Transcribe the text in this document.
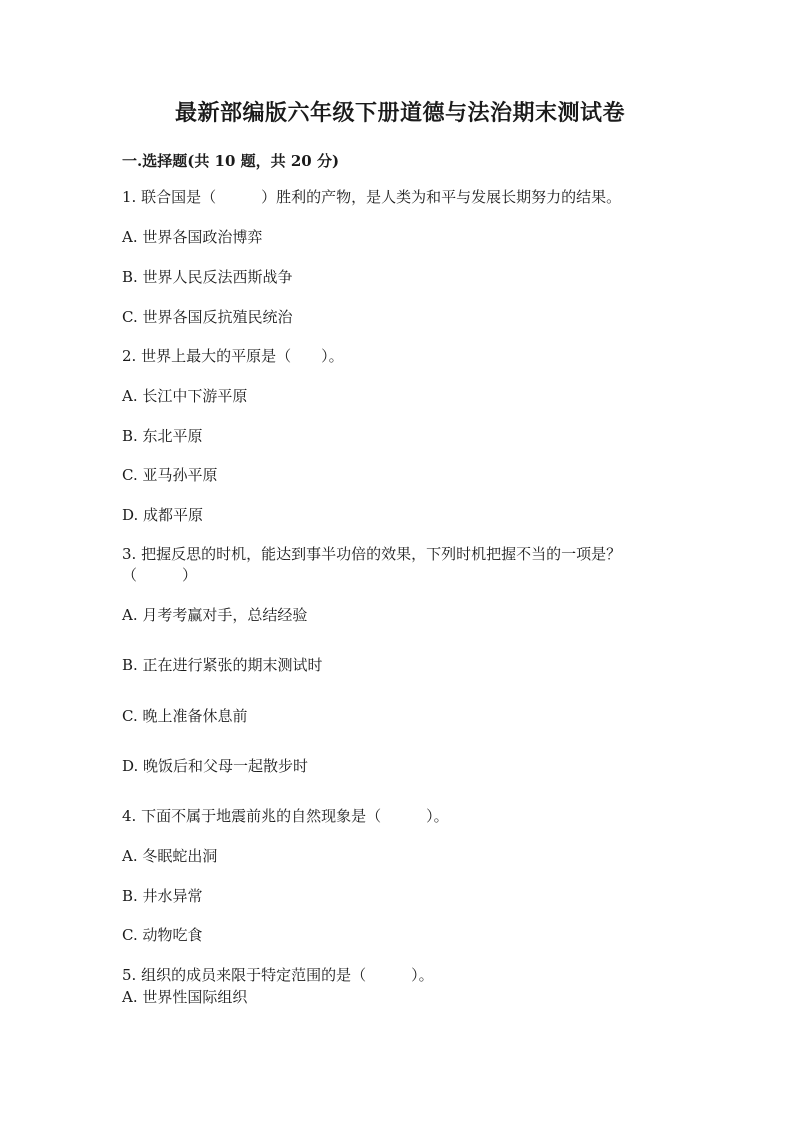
最新部编版六年级下册道德与法治期末测试卷
一.选择题(共 10 题，共 20 分)
1. 联合国是（　　　）胜利的产物，是人类为和平与发展长期努力的结果。
A. 世界各国政治博弈
B. 世界人民反法西斯战争
C. 世界各国反抗殖民统治
2. 世界上最大的平原是（　　）。
A. 长江中下游平原
B. 东北平原
C. 亚马孙平原
D. 成都平原
3. 把握反思的时机，能达到事半功倍的效果，下列时机把握不当的一项是？
（　　　）
A. 月考考赢对手，总结经验
B. 正在进行紧张的期末测试时
C. 晚上准备休息前
D. 晚饭后和父母一起散步时
4. 下面不属于地震前兆的自然现象是（　　　）。
A. 冬眠蛇出洞
B. 井水异常
C. 动物吃食
5. 组织的成员来限于特定范围的是（　　　）。
A. 世界性国际组织
